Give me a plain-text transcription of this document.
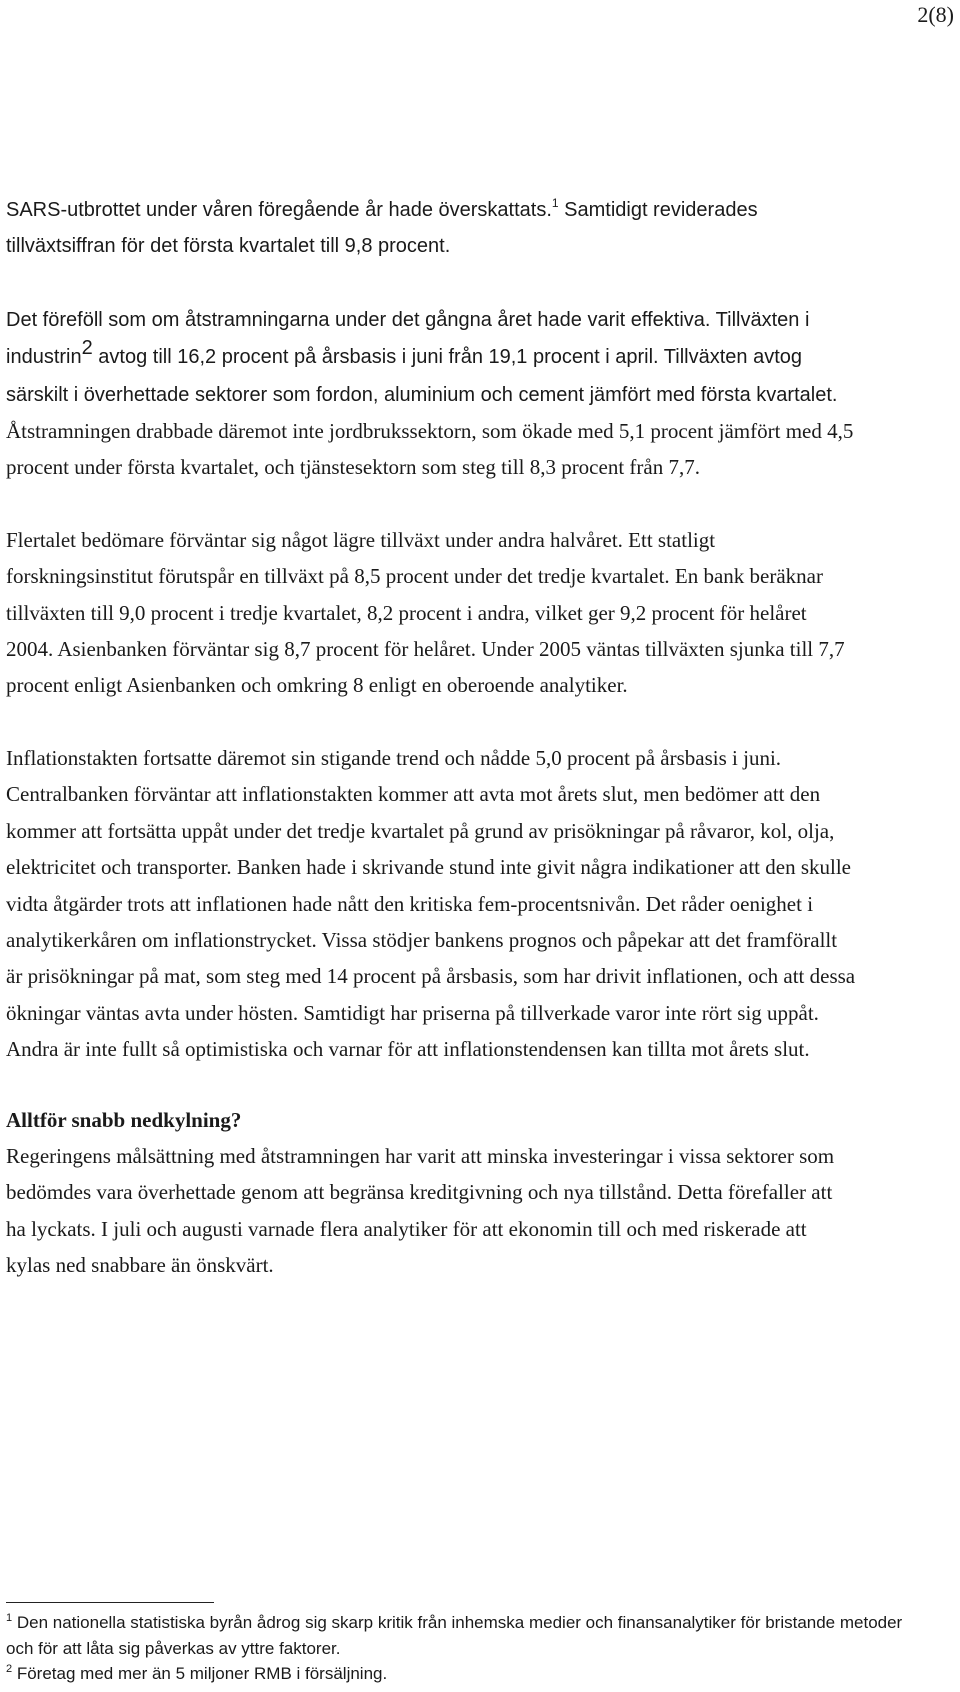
2(8)

SARS-utbrottet under våren föregående år hade överskattats.$^1$ Samtidigt reviderades tillväxtsiffran för det första kvartalet till 9,8 procent.

Det föreföll som om åtstramningarna under det gångna året hade varit effektiva. Tillväxten i industrin$^2$ avtog till 16,2 procent på årsbasis i juni från 19,1 procent i april. Tillväxten avtog särskilt i överhettade sektorer som fordon, aluminium och cement jämfört med första kvartalet. Åtstramningen drabbade däremot inte jordbrukssektorn, som ökade med 5,1 procent jämfört med 4,5 procent under första kvartalet, och tjänstesektorn som steg till 8,3 procent från 7,7.

Flertalet bedömare förväntar sig något lägre tillväxt under andra halvåret. Ett statligt forskningsinstitut förutspår en tillväxt på 8,5 procent under det tredje kvartalet. En bank beräknar tillväxten till 9,0 procent i tredje kvartalet, 8,2 procent i andra, vilket ger 9,2 procent för helåret 2004. Asienbanken förväntar sig 8,7 procent för helåret. Under 2005 väntas tillväxten sjunka till 7,7 procent enligt Asienbanken och omkring 8 enligt en oberoende analytiker.

Inflationstakten fortsatte däremot sin stigande trend och nådde 5,0 procent på årsbasis i juni. Centralbanken förväntar att inflationstakten kommer att avta mot årets slut, men bedömer att den kommer att fortsätta uppåt under det tredje kvartalet på grund av prisökningar på råvaror, kol, olja, elektricitet och transporter. Banken hade i skrivande stund inte givit några indikationer att den skulle vidta åtgärder trots att inflationen hade nått den kritiska fem-procentsnivån. Det råder oenighet i analytikerkåren om inflationstrycket. Vissa stödjer bankens prognos och påpekar att det framförallt är prisökningar på mat, som steg med 14 procent på årsbasis, som har drivit inflationen, och att dessa ökningar väntas avta under hösten. Samtidigt har priserna på tillverkade varor inte rört sig uppåt. Andra är inte fullt så optimistiska och varnar för att inflationstendensen kan tillta mot årets slut.

Alltför snabb nedkylning?

Regeringens målsättning med åtstramningen har varit att minska investeringar i vissa sektorer som bedömdes vara överhettade genom att begränsa kreditgivning och nya tillstånd. Detta förefaller att ha lyckats. I juli och augusti varnade flera analytiker för att ekonomin till och med riskerade att kylas ned snabbare än önskvärt.

$^1$ Den nationella statistiska byrån ådrog sig skarp kritik från inhemska medier och finansanalytiker för bristande metoder och för att låta sig påverkas av yttre faktorer.

$^2$ Företag med mer än 5 miljoner RMB i försäljning.
